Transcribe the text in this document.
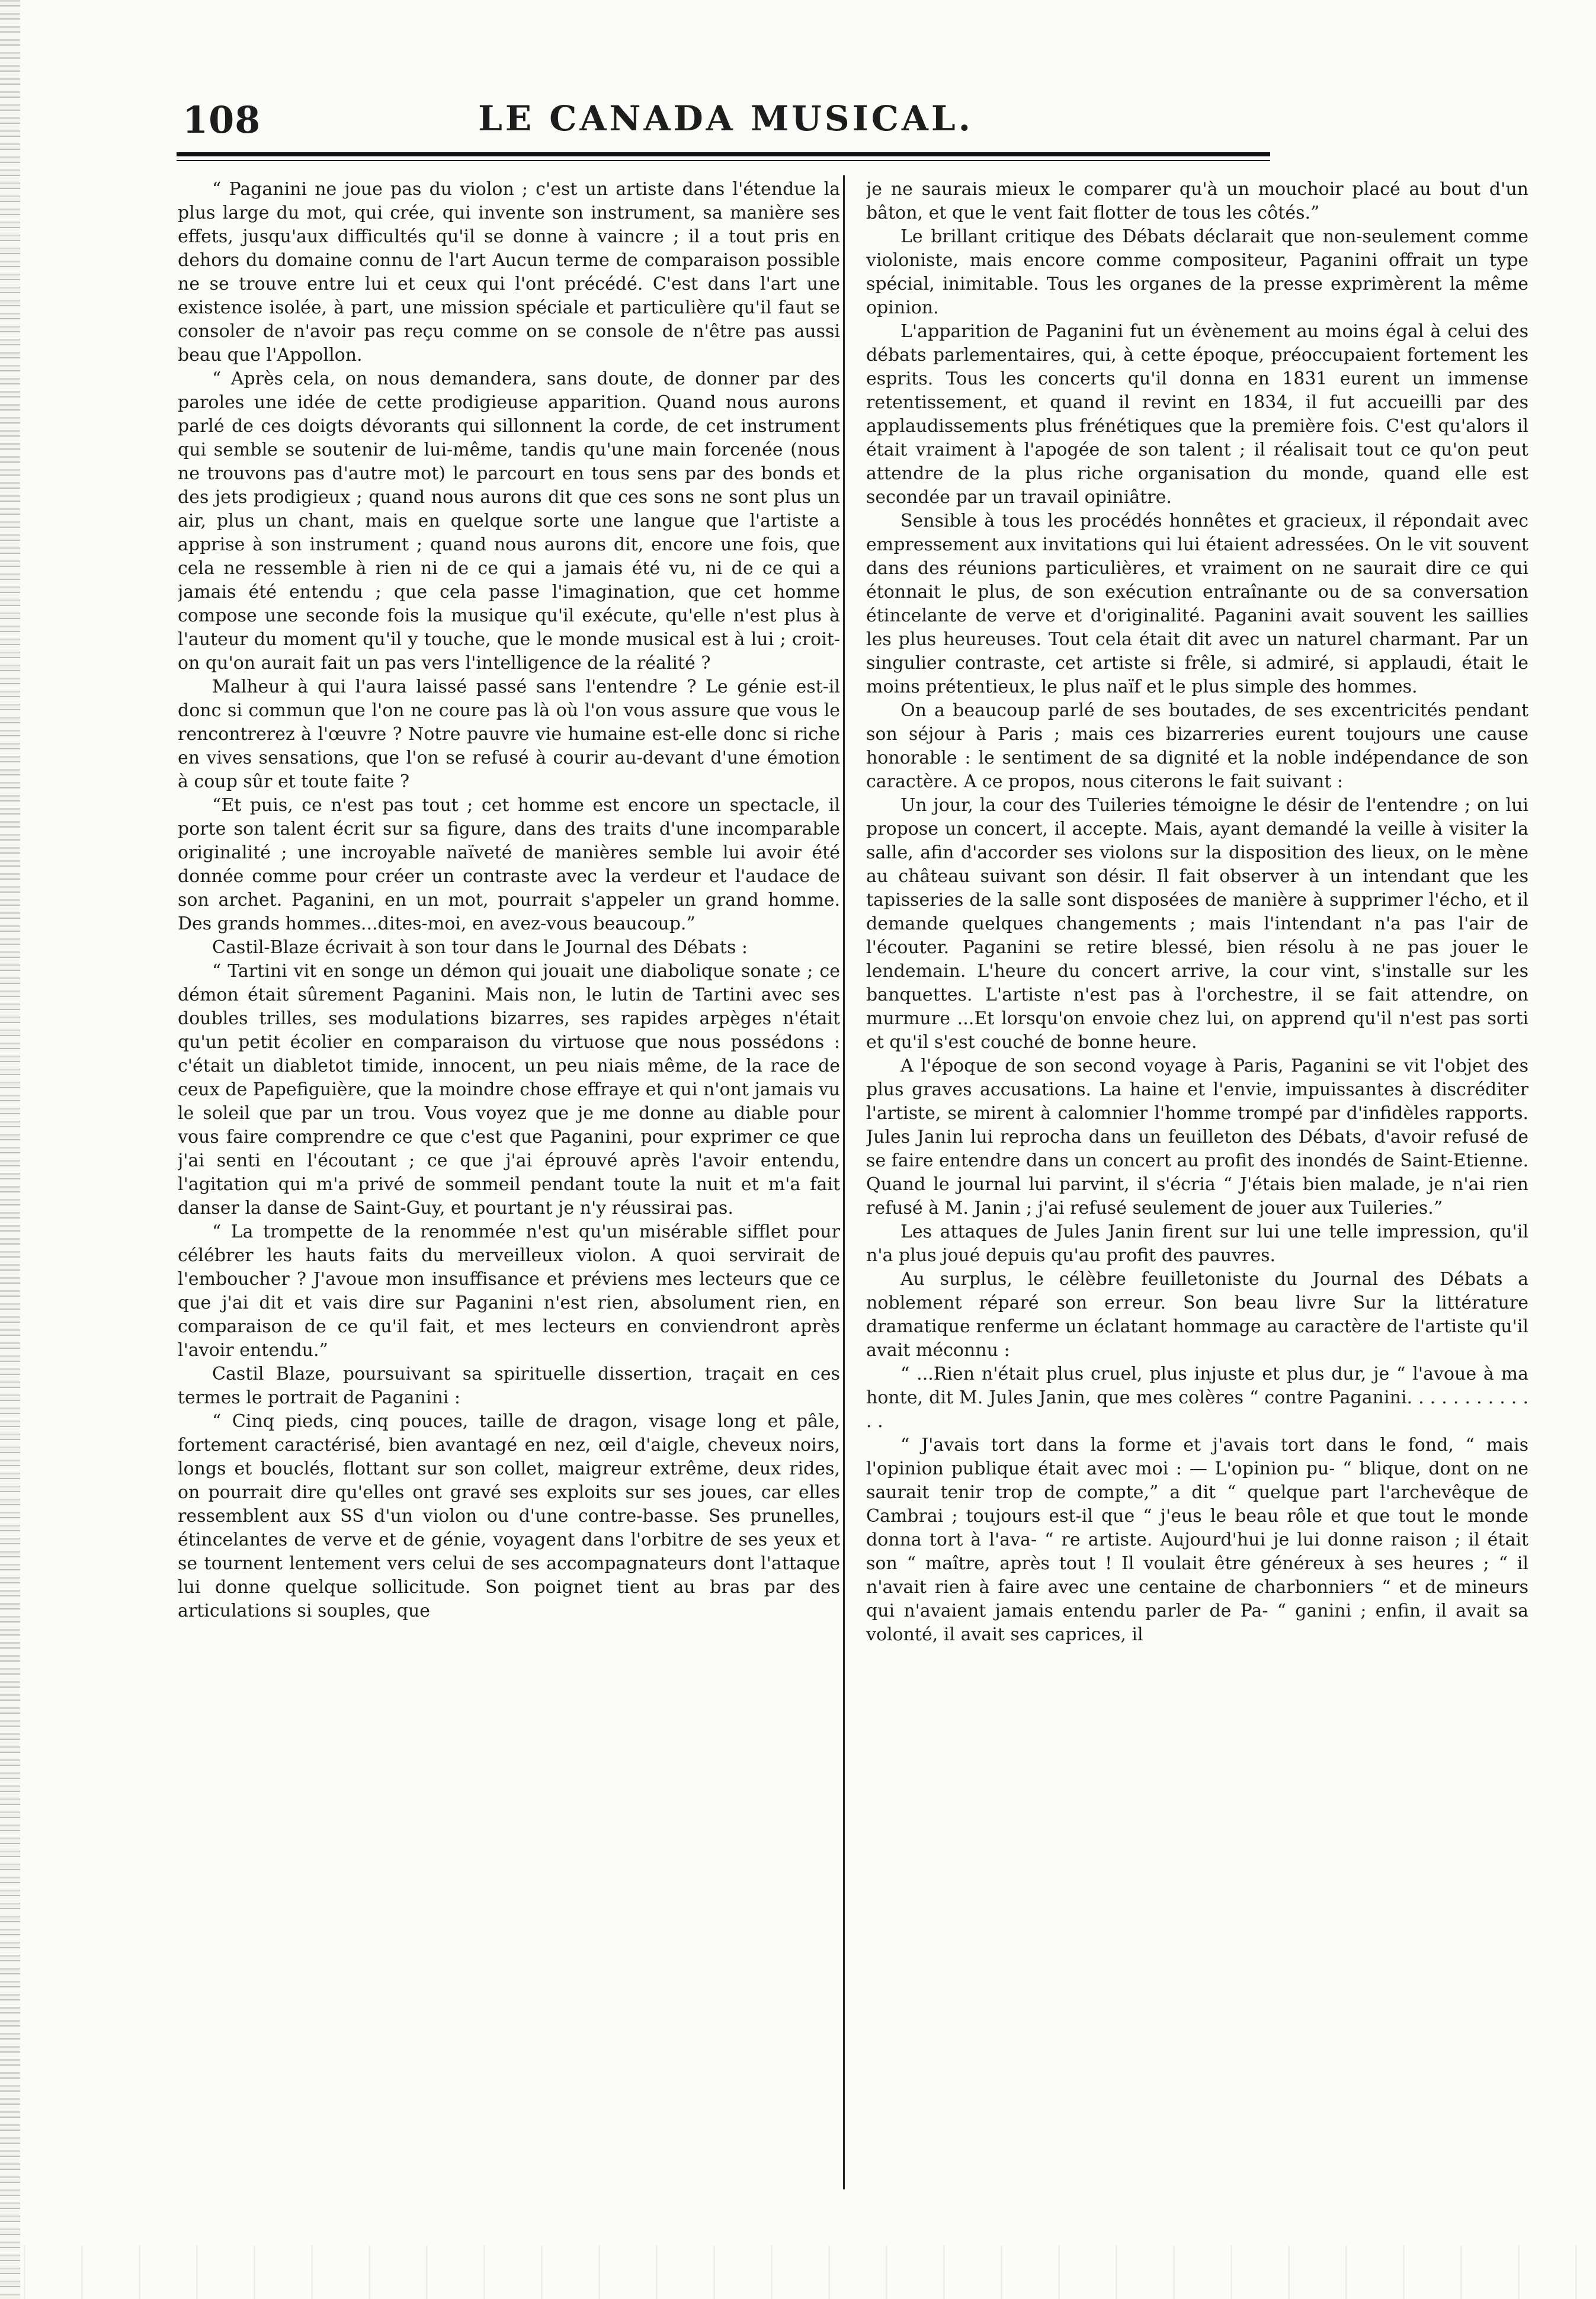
108	LE CANADA MUSICAL.

“ Paganini ne joue pas du violon ; c'est un artiste dans l'étendue la plus large du mot, qui crée, qui invente son instrument, sa manière ses effets, jusqu'aux difficultés qu'il se donne à vaincre ; il a tout pris en dehors du domaine connu de l'art Aucun terme de comparaison possible ne se trouve entre lui et ceux qui l'ont précédé. C'est dans l'art une existence isolée, à part, une mission spéciale et particulière qu'il faut se consoler de n'avoir pas reçu comme on se console de n'être pas aussi beau que l'Appollon.

“ Après cela, on nous demandera, sans doute, de donner par des paroles une idée de cette prodigieuse apparition. Quand nous aurons parlé de ces doigts dévorants qui sillonnent la corde, de cet instrument qui semble se soutenir de lui-même, tandis qu'une main forcenée (nous ne trouvons pas d'autre mot) le parcourt en tous sens par des bonds et des jets prodigieux ; quand nous aurons dit que ces sons ne sont plus un air, plus un chant, mais en quelque sorte une langue que l'artiste a apprise à son instrument ; quand nous aurons dit, encore une fois, que cela ne ressemble à rien ni de ce qui a jamais été vu, ni de ce qui a jamais été entendu ; que cela passe l'imagination, que cet homme compose une seconde fois la musique qu'il exécute, qu'elle n'est plus à l'auteur du moment qu'il y touche, que le monde musical est à lui ; croit-on qu'on aurait fait un pas vers l'intelligence de la réalité ?

Malheur à qui l'aura laissé passé sans l'entendre ? Le génie est-il donc si commun que l'on ne coure pas là où l'on vous assure que vous le rencontrerez à l'œuvre ? Notre pauvre vie humaine est-elle donc si riche en vives sensations, que l'on se refusé à courir au-devant d'une émotion à coup sûr et toute faite ?

“Et puis, ce n'est pas tout ; cet homme est encore un spectacle, il porte son talent écrit sur sa figure, dans des traits d'une incomparable originalité ; une incroyable naïveté de manières semble lui avoir été donnée comme pour créer un contraste avec la verdeur et l'audace de son archet. Paganini, en un mot, pourrait s'appeler un grand homme. Des grands hommes...dites-moi, en avez-vous beaucoup.”

Castil-Blaze écrivait à son tour dans le Journal des Débats :

“ Tartini vit en songe un démon qui jouait une diabolique sonate ; ce démon était sûrement Paganini. Mais non, le lutin de Tartini avec ses doubles trilles, ses modulations bizarres, ses rapides arpèges n'était qu'un petit écolier en comparaison du virtuose que nous possédons : c'était un diabletot timide, innocent, un peu niais même, de la race de ceux de Papefiguière, que la moindre chose effraye et qui n'ont jamais vu le soleil que par un trou. Vous voyez que je me donne au diable pour vous faire comprendre ce que c'est que Paganini, pour exprimer ce que j'ai senti en l'écoutant ; ce que j'ai éprouvé après l'avoir entendu, l'agitation qui m'a privé de sommeil pendant toute la nuit et m'a fait danser la danse de Saint-Guy, et pourtant je n'y réussirai pas.

“ La trompette de la renommée n'est qu'un misérable sifflet pour célébrer les hauts faits du merveilleux violon. A quoi servirait de l'emboucher ? J'avoue mon insuffisance et préviens mes lecteurs que ce que j'ai dit et vais dire sur Paganini n'est rien, absolument rien, en comparaison de ce qu'il fait, et mes lecteurs en conviendront après l'avoir entendu.”

Castil Blaze, poursuivant sa spirituelle dissertion, traçait en ces termes le portrait de Paganini :

“ Cinq pieds, cinq pouces, taille de dragon, visage long et pâle, fortement caractérisé, bien avantagé en nez, œil d'aigle, cheveux noirs, longs et bouclés, flottant sur son collet, maigreur extrême, deux rides, on pourrait dire qu'elles ont gravé ses exploits sur ses joues, car elles ressemblent aux SS d'un violon ou d'une contre-basse. Ses prunelles, étincelantes de verve et de génie, voyagent dans l'orbitre de ses yeux et se tournent lentement vers celui de ses accompagnateurs dont l'attaque lui donne quelque sollicitude. Son poignet tient au bras par des articulations si souples, que

je ne saurais mieux le comparer qu'à un mouchoir placé au bout d'un bâton, et que le vent fait flotter de tous les côtés.”

Le brillant critique des Débats déclarait que non-seulement comme violoniste, mais encore comme compositeur, Paganini offrait un type spécial, inimitable. Tous les organes de la presse exprimèrent la même opinion.

L'apparition de Paganini fut un évènement au moins égal à celui des débats parlementaires, qui, à cette époque, préoccupaient fortement les esprits. Tous les concerts qu'il donna en 1831 eurent un immense retentissement, et quand il revint en 1834, il fut accueilli par des applaudissements plus frénétiques que la première fois. C'est qu'alors il était vraiment à l'apogée de son talent ; il réalisait tout ce qu'on peut attendre de la plus riche organisation du monde, quand elle est secondée par un travail opiniâtre.

Sensible à tous les procédés honnêtes et gracieux, il répondait avec empressement aux invitations qui lui étaient adressées. On le vit souvent dans des réunions particulières, et vraiment on ne saurait dire ce qui étonnait le plus, de son exécution entraînante ou de sa conversation étincelante de verve et d'originalité. Paganini avait souvent les saillies les plus heureuses. Tout cela était dit avec un naturel charmant. Par un singulier contraste, cet artiste si frêle, si admiré, si applaudi, était le moins prétentieux, le plus naïf et le plus simple des hommes.

On a beaucoup parlé de ses boutades, de ses excentricités pendant son séjour à Paris ; mais ces bizarreries eurent toujours une cause honorable : le sentiment de sa dignité et la noble indépendance de son caractère. A ce propos, nous citerons le fait suivant :

Un jour, la cour des Tuileries témoigne le désir de l'entendre ; on lui propose un concert, il accepte. Mais, ayant demandé la veille à visiter la salle, afin d'accorder ses violons sur la disposition des lieux, on le mène au château suivant son désir. Il fait observer à un intendant que les tapisseries de la salle sont disposées de manière à supprimer l'écho, et il demande quelques changements ; mais l'intendant n'a pas l'air de l'écouter. Paganini se retire blessé, bien résolu à ne pas jouer le lendemain. L'heure du concert arrive, la cour vint, s'installe sur les banquettes. L'artiste n'est pas à l'orchestre, il se fait attendre, on murmure ...Et lorsqu'on envoie chez lui, on apprend qu'il n'est pas sorti et qu'il s'est couché de bonne heure.

A l'époque de son second voyage à Paris, Paganini se vit l'objet des plus graves accusations. La haine et l'envie, impuissantes à discréditer l'artiste, se mirent à calomnier l'homme trompé par d'infidèles rapports. Jules Janin lui reprocha dans un feuilleton des Débats, d'avoir refusé de se faire entendre dans un concert au profit des inondés de Saint-Etienne. Quand le journal lui parvint, il s'écria “ J'étais bien malade, je n'ai rien refusé à M. Janin ; j'ai refusé seulement de jouer aux Tuileries.”

Les attaques de Jules Janin firent sur lui une telle impression, qu'il n'a plus joué depuis qu'au profit des pauvres.

Au surplus, le célèbre feuilletoniste du Journal des Débats a noblement réparé son erreur. Son beau livre Sur la littérature dramatique renferme un éclatant hommage au caractère de l'artiste qu'il avait méconnu :

“ ...Rien n'était plus cruel, plus injuste et plus dur, je “ l'avoue à ma honte, dit M. Jules Janin, que mes colères “ contre Paganini. . . . . . . . . . . . .

“ J'avais tort dans la forme et j'avais tort dans le fond, “ mais l'opinion publique était avec moi : — L'opinion pu- “ blique, dont on ne saurait tenir trop de compte,” a dit “ quelque part l'archevêque de Cambrai ; toujours est-il que “ j'eus le beau rôle et que tout le monde donna tort à l'ava- “ re artiste. Aujourd'hui je lui donne raison ; il était son “ maître, après tout ! Il voulait être généreux à ses heures ; “ il n'avait rien à faire avec une centaine de charbonniers “ et de mineurs qui n'avaient jamais entendu parler de Pa- “ ganini ; enfin, il avait sa volonté, il avait ses caprices, il
